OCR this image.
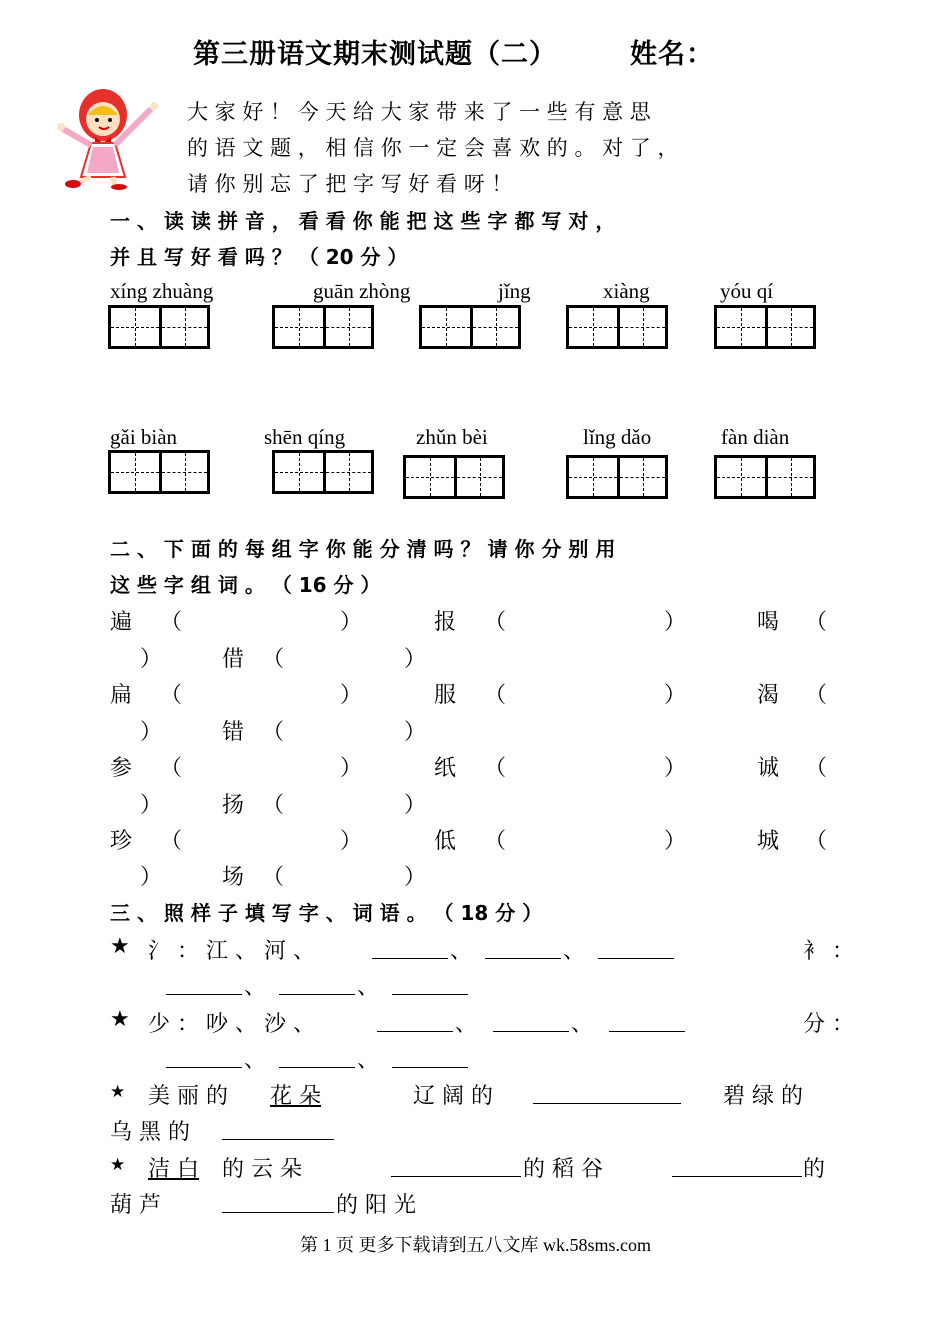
第三册语文期末测试题（二）	姓名：
大 家 好 ！ 今 天 给 大 家 带 来 了 一 些 有 意 思
的 语 文 题 ， 相 信 你 一 定 会 喜 欢 的 。 对 了 ，
请 你 别 忘 了 把 字 写 好 看 呀 ！
一 、 读 读 拼 音 ， 看 看 你 能 把 这 些 字 都 写 对 ，
并 且 写 好 看 吗 ？ （ 20 分 ）
xíng zhuàng	guān zhòng	jǐng	xiàng	yóu qí
gǎi biàn	shēn qíng	zhǔn bèi	lǐng dǎo	fàn diàn
二 、 下 面 的 每 组 字 你 能 分 清 吗 ？ 请 你 分 别 用
这 些 字 组 词 。 （ 16 分 ）
遍 （	）	报 （	）	喝 （
）	借 （	）
扁 （	）	服 （	）	渴 （
）	错 （	）
参 （	）	纸 （	）	诚 （
）	扬 （	）
珍 （	）	低 （	）	城 （
）	场 （	）
三 、 照 样 子 填 写 字 、 词 语 。 （ 18 分 ）
★ 氵 ： 江 、 河 、	、	、	衤 ：
、	、
★ 少 ： 吵 、 沙 、	、	、	分 ：
、	、
★ 美 丽 的 花 朵	辽 阔 的	碧 绿 的
乌 黑 的
★ 洁 白 的 云 朵	的 稻 谷	的
葫 芦	的 阳 光
第 1 页 更多下载请到五八文库 wk.58sms.com
